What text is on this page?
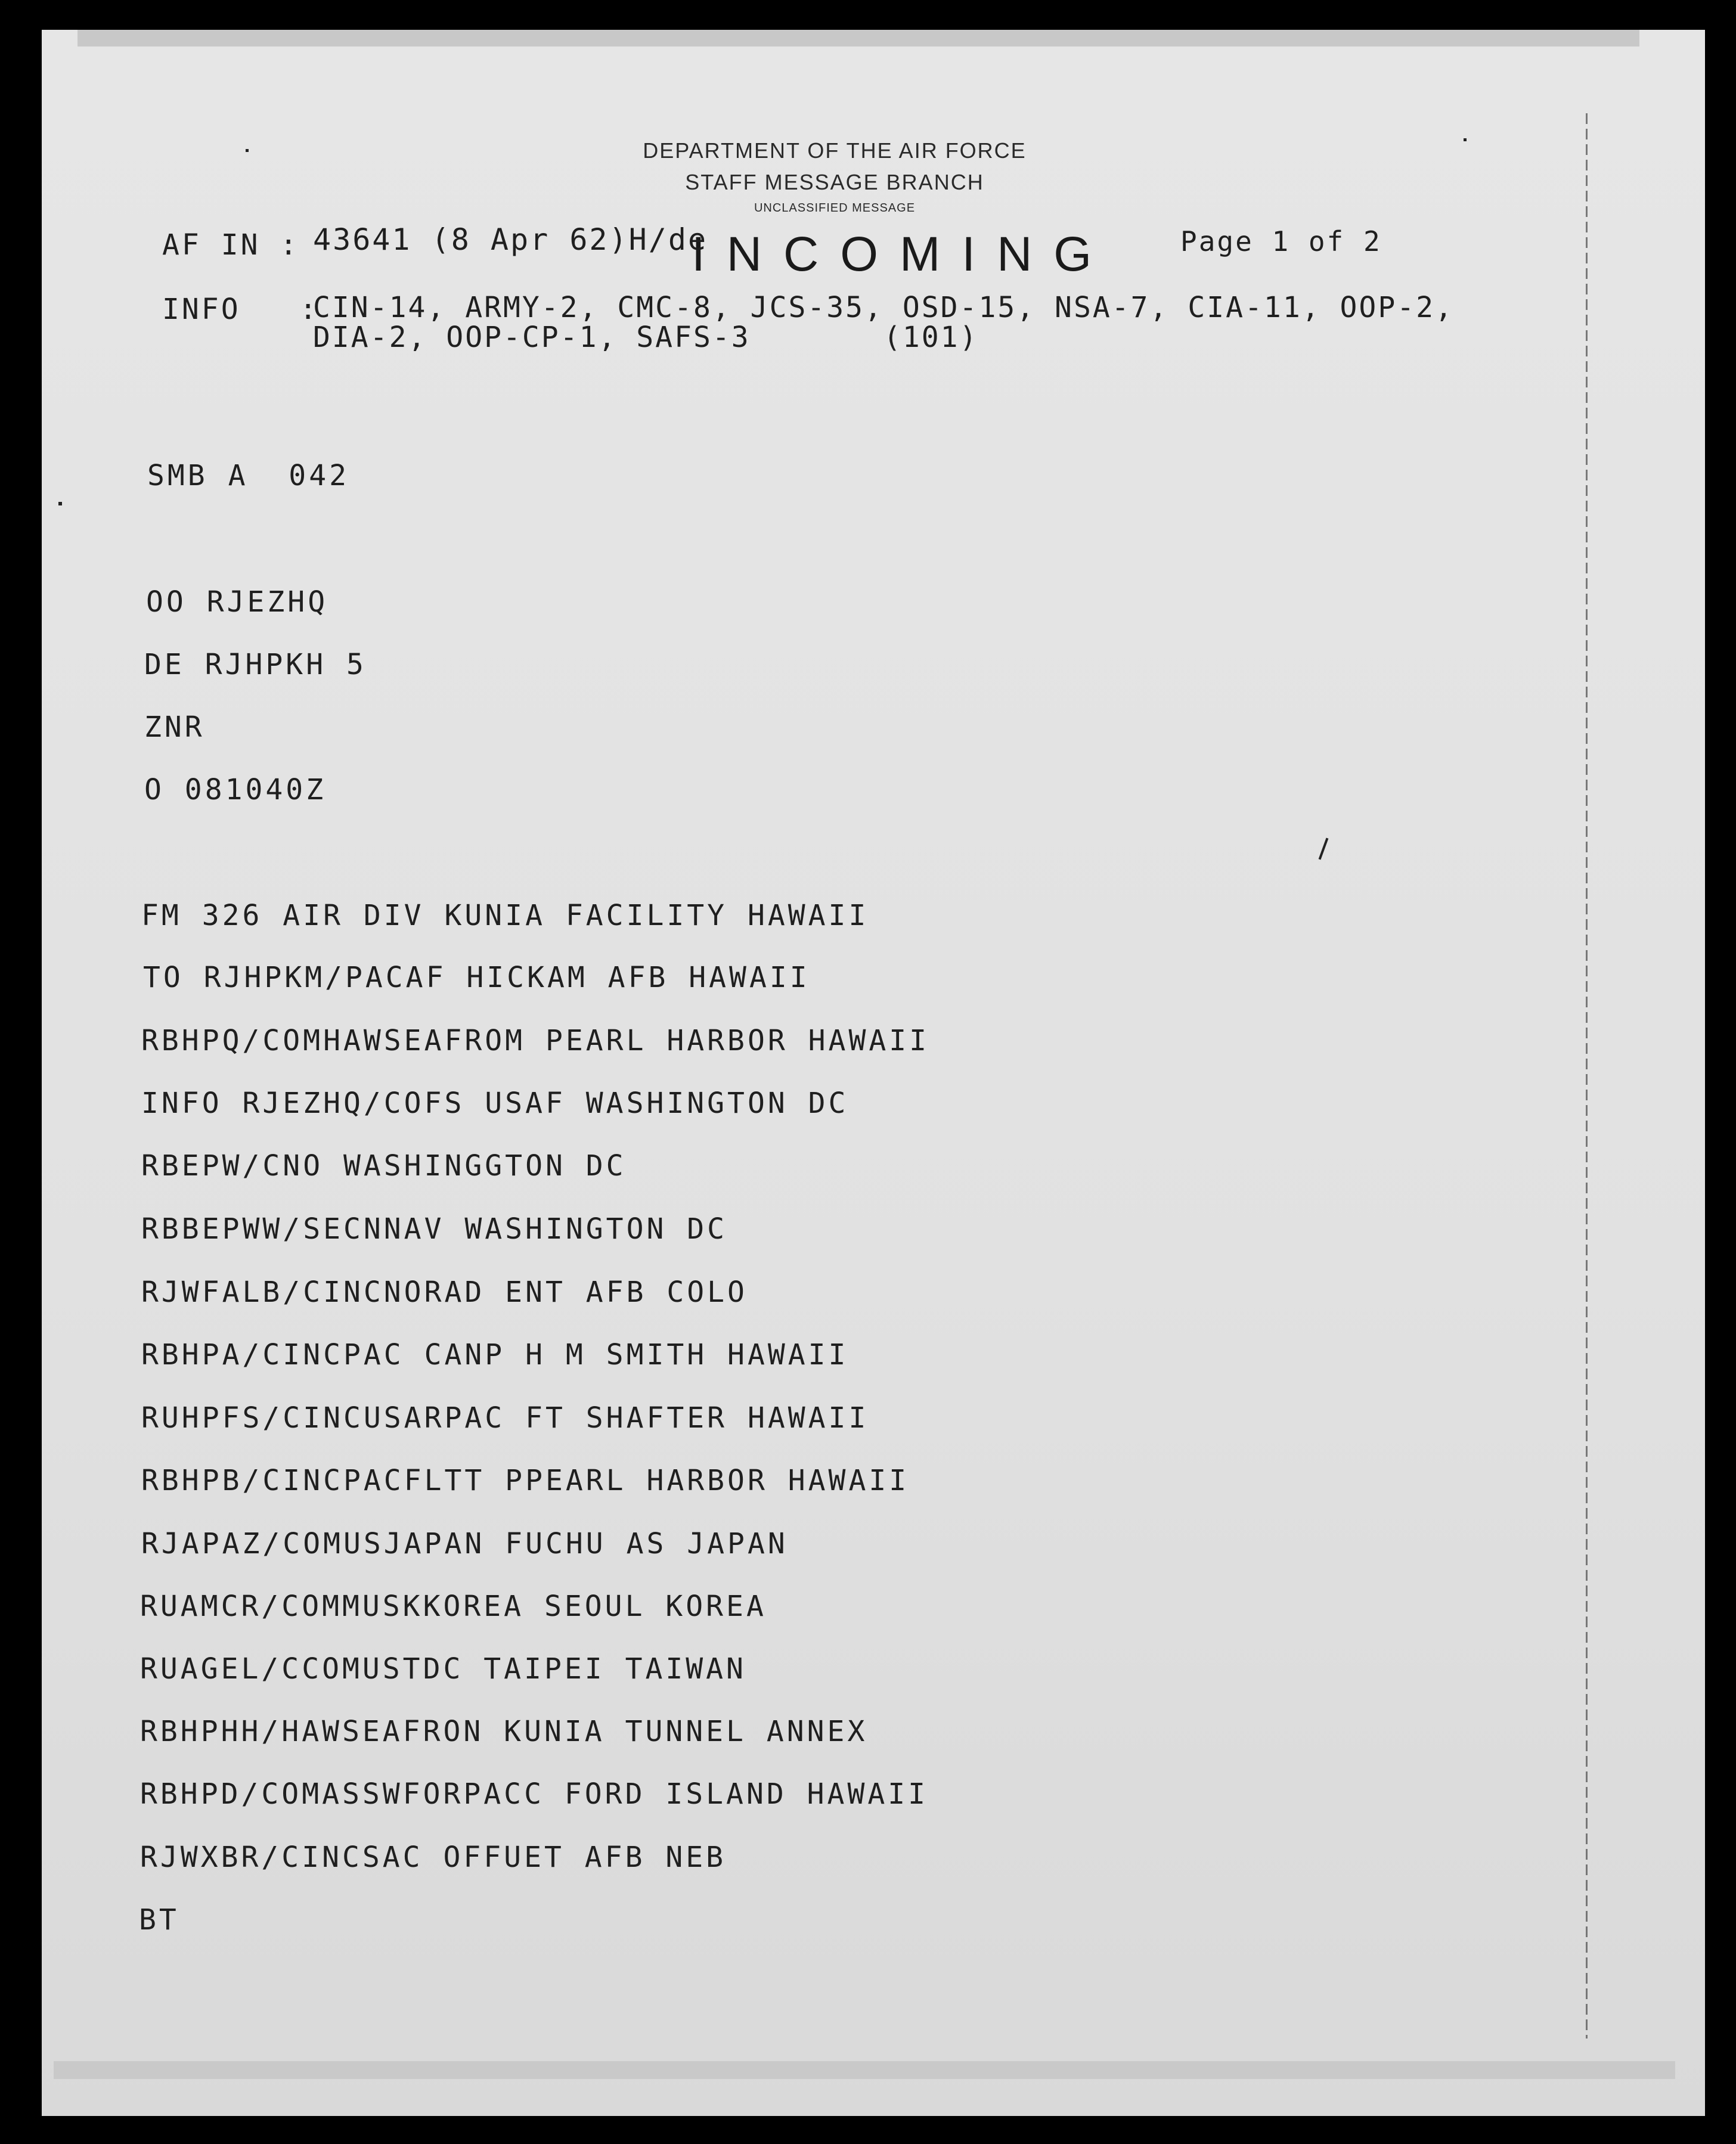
DEPARTMENT OF THE AIR FORCE
STAFF MESSAGE BRANCH
UNCLASSIFIED MESSAGE
INCOMING
AF IN : 43641 (8 Apr 62)H/de	Page 1 of 2
INFO   :
CIN-14, ARMY-2, CMC-8, JCS-35, OSD-15, NSA-7, CIA-11, OOP-2,
DIA-2, OOP-CP-1, SAFS-3       (101)
SMB A  042
OO RJEZHQ
DE RJHPKH 5
ZNR
O 081040Z
FM 326 AIR DIV KUNIA FACILITY HAWAII
TO RJHPKM/PACAF HICKAM AFB HAWAII
RBHPQ/COMHAWSEAFROM PEARL HARBOR HAWAII
INFO RJEZHQ/COFS USAF WASHINGTON DC
RBEPW/CNO WASHINGGTON DC
RBBEPWW/SECNNAV WASHINGTON DC
RJWFALB/CINCNORAD ENT AFB COLO
RBHPA/CINCPAC CANP H M SMITH HAWAII
RUHPFS/CINCUSARPAC FT SHAFTER HAWAII
RBHPB/CINCPACFLTT PPEARL HARBOR HAWAII
RJAPAZ/COMUSJAPAN FUCHU AS JAPAN
RUAMCR/COMMUSKKOREA SEOUL KOREA
RUAGEL/CCOMUSTDC TAIPEI TAIWAN
RBHPHH/HAWSEAFRON KUNIA TUNNEL ANNEX
RBHPD/COMASSWFORPACC FORD ISLAND HAWAII
RJWXBR/CINCSAC OFFUET AFB NEB
BT
